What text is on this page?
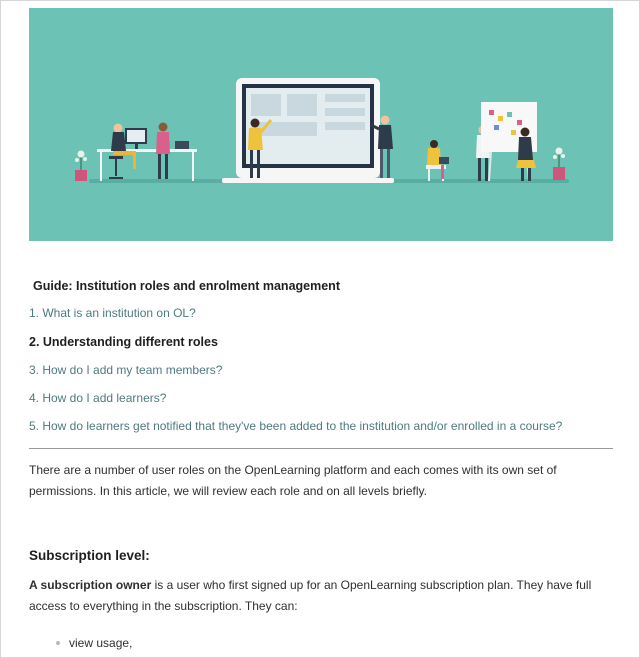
Guide: Institution roles and enrolment management
1. What is an institution on OL?
2. Understanding different roles
3. How do I add my team members?
4. How do I add learners?
5. How do learners get notified that they've been added to the institution and/or enrolled in a course?

There are a number of user roles on the OpenLearning platform and each comes with its own set of permissions. In this article, we will review each role and on all levels briefly.

Subscription level:

A subscription owner is a user who first signed up for an OpenLearning subscription plan. They have full access to everything in the subscription. They can:

view usage,
